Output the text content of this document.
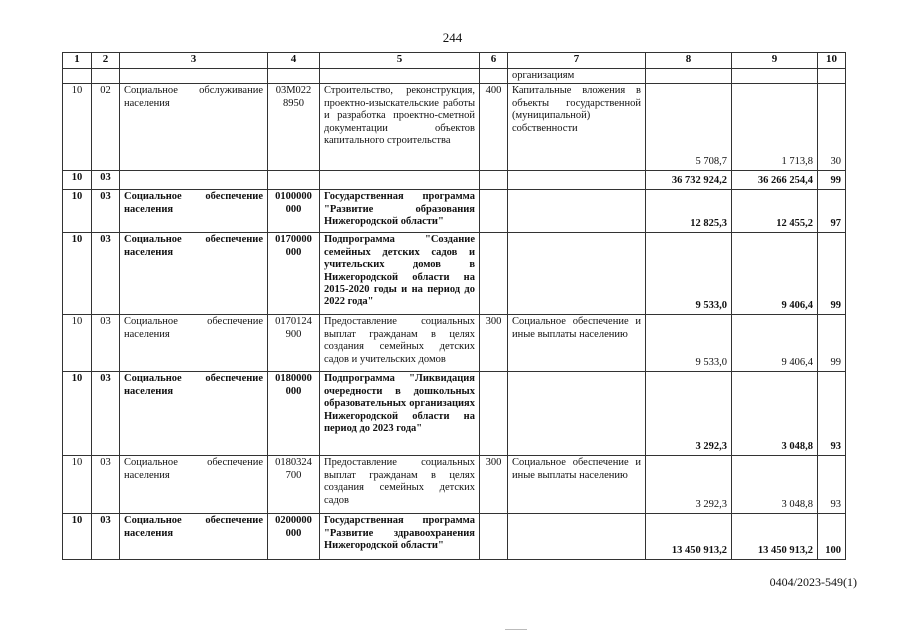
244
1	2	3	4	5	6	7	8	9	10
						организациям			
10	02	Социальное обслуживание населения	03М022 8950	Строительство, реконструкция, проектно-изыскательские работы и разработка проектно-сметной документации объектов капитального строительства	400	Капитальные вложения в объекты государственной (муниципальной) собственности	5 708,7	1 713,8	30
10	03						36 732 924,2	36 266 254,4	99
10	03	Социальное обеспечение населения	0100000 000	Государственная программа "Развитие образования Нижегородской области"			12 825,3	12 455,2	97
10	03	Социальное обеспечение населения	0170000 000	Подпрограмма "Создание семейных детских садов и учительских домов в Нижегородской области на 2015-2020 годы и на период до 2022 года"			9 533,0	9 406,4	99
10	03	Социальное обеспечение населения	0170124 900	Предоставление социальных выплат гражданам в целях создания семейных детских садов и учительских домов	300	Социальное обеспечение и иные выплаты населению	9 533,0	9 406,4	99
10	03	Социальное обеспечение населения	0180000 000	Подпрограмма "Ликвидация очередности в дошкольных образовательных организациях Нижегородской области на период до 2023 года"			3 292,3	3 048,8	93
10	03	Социальное обеспечение населения	0180324 700	Предоставление социальных выплат гражданам в целях создания семейных детских садов	300	Социальное обеспечение и иные выплаты населению	3 292,3	3 048,8	93
10	03	Социальное обеспечение населения	0200000 000	Государственная программа "Развитие здравоохранения Нижегородской области"			13 450 913,2	13 450 913,2	100
0404/2023-549(1)
